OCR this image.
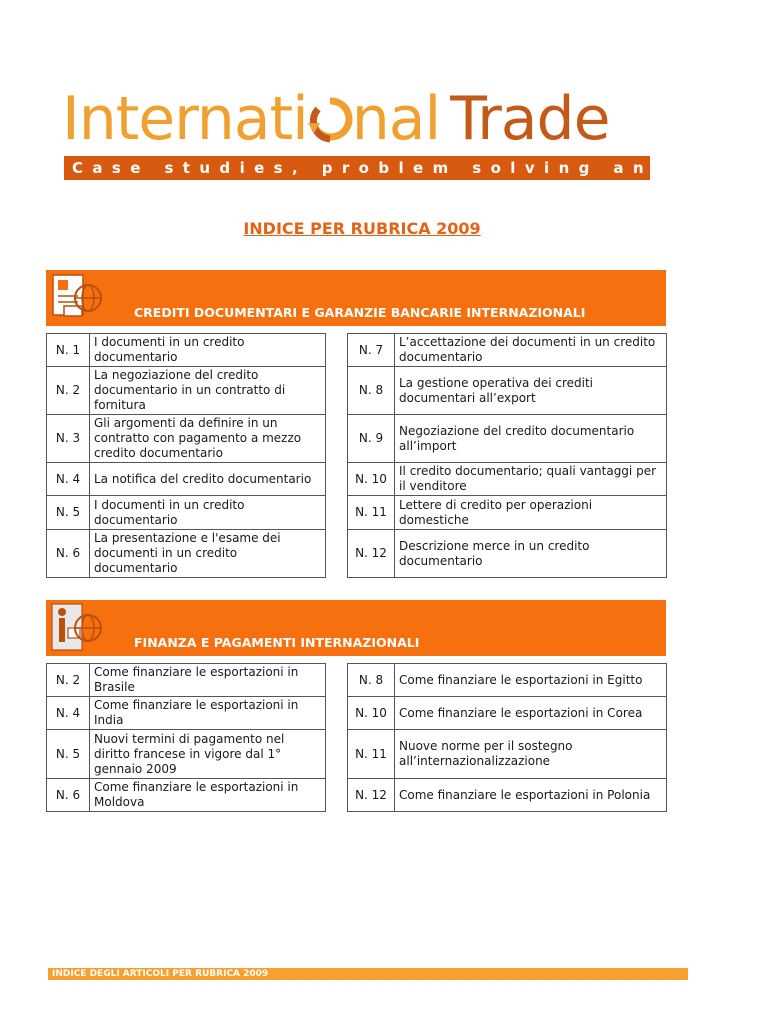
Internati nal Trade
Case studies, problem solving and tools
INDICE PER RUBRICA 2009
CREDITI DOCUMENTARI E GARANZIE BANCARIE INTERNAZIONALI
N. 1	I documenti in un credito documentario
N. 2	La negoziazione del credito documentario in un contratto di fornitura
N. 3	Gli argomenti da definire in un contratto con pagamento a mezzo credito documentario
N. 4	La notifica del credito documentario
N. 5	I documenti in un credito documentario
N. 6	La presentazione e l'esame dei documenti in un credito documentario
N. 7	L’accettazione dei documenti in un credito documentario
N. 8	La gestione operativa dei crediti documentari all’export
N. 9	Negoziazione del credito documentario all’import
N. 10	Il credito documentario; quali vantaggi per il venditore
N. 11	Lettere di credito per operazioni domestiche
N. 12	Descrizione merce in un credito documentario
FINANZA E PAGAMENTI INTERNAZIONALI
N. 2	Come finanziare le esportazioni in Brasile
N. 4	Come finanziare le esportazioni in India
N. 5	Nuovi termini di pagamento nel diritto francese in vigore dal 1° gennaio 2009
N. 6	Come finanziare le esportazioni in Moldova
N. 8	Come finanziare le esportazioni in Egitto
N. 10	Come finanziare le esportazioni in Corea
N. 11	Nuove norme per il sostegno all’internazionalizzazione
N. 12	Come finanziare le esportazioni in Polonia
INDICE DEGLI ARTICOLI PER RUBRICA 2009
